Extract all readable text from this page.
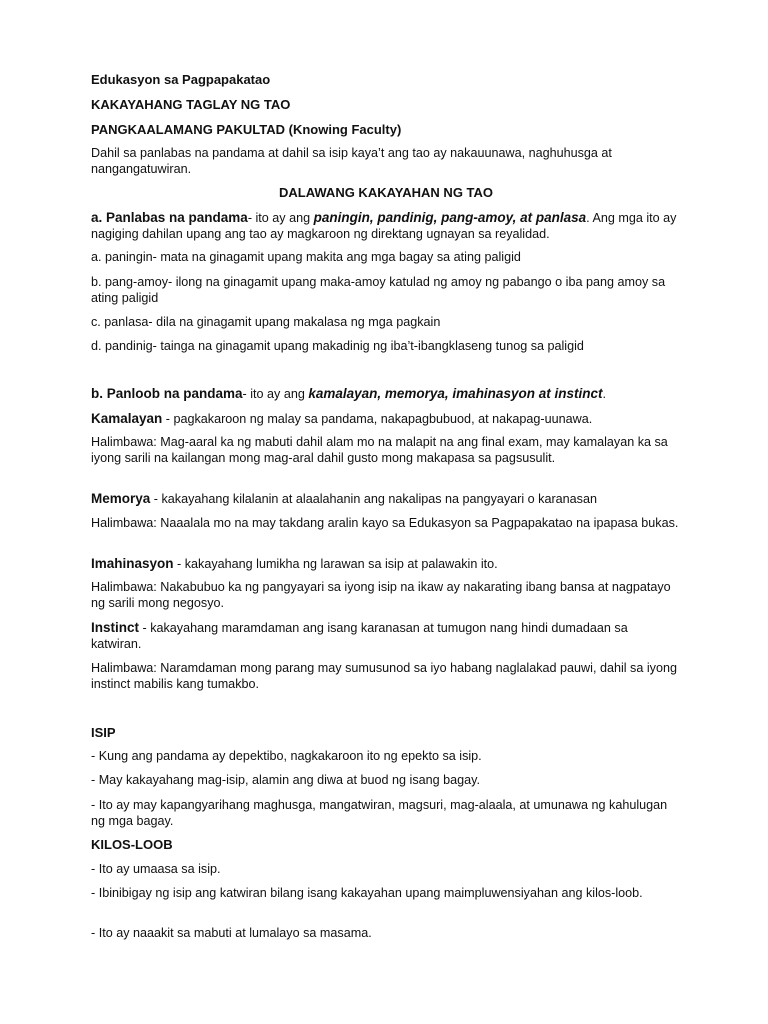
Edukasyon sa Pagpapakatao

KAKAYAHANG TAGLAY NG TAO

PANGKAALAMANG PAKULTAD (Knowing Faculty)

Dahil sa panlabas na pandama at dahil sa isip kaya’t ang tao ay nakauunawa, naghuhusga at nangangatuwiran.

DALAWANG KAKAYAHAN NG TAO

a. Panlabas na pandama- ito ay ang paningin, pandinig, pang-amoy, at panlasa. Ang mga ito ay nagiging dahilan upang ang tao ay magkaroon ng direktang ugnayan sa reyalidad.

a. paningin- mata na ginagamit upang makita ang mga bagay sa ating paligid

b. pang-amoy- ilong na ginagamit upang maka-amoy katulad ng amoy ng pabango o iba pang amoy sa ating paligid

c. panlasa- dila na ginagamit upang makalasa ng mga pagkain

d. pandinig- tainga na ginagamit upang makadinig ng iba’t-ibangklaseng tunog sa paligid

b. Panloob na pandama- ito ay ang kamalayan, memorya, imahinasyon at instinct.

Kamalayan - pagkakaroon ng malay sa pandama, nakapagbubuod, at nakapag-uunawa.

Halimbawa: Mag-aaral ka ng mabuti dahil alam mo na malapit na ang final exam, may kamalayan ka sa iyong sarili na kailangan mong mag-aral dahil gusto mong makapasa sa pagsusulit.

Memorya - kakayahang kilalanin at alaalahanin ang nakalipas na pangyayari o karanasan

Halimbawa: Naaalala mo na may takdang aralin kayo sa Edukasyon sa Pagpapakatao na ipapasa bukas.

Imahinasyon - kakayahang lumikha ng larawan sa isip at palawakin ito.

Halimbawa: Nakabubuo ka ng pangyayari sa iyong isip na ikaw ay nakarating ibang bansa at nagpatayo ng sarili mong negosyo.

Instinct - kakayahang maramdaman ang isang karanasan at tumugon nang hindi dumadaan sa katwiran.

Halimbawa: Naramdaman mong parang may sumusunod sa iyo habang naglalakad pauwi, dahil sa iyong instinct mabilis kang tumakbo.

ISIP

- Kung ang pandama ay depektibo, nagkakaroon ito ng epekto sa isip.

- May kakayahang mag-isip, alamin ang diwa at buod ng isang bagay.

- Ito ay may kapangyarihang maghusga, mangatwiran, magsuri, mag-alaala, at umunawa ng kahulugan ng mga bagay.

KILOS-LOOB

- Ito ay umaasa sa isip.

- Ibinibigay ng isip ang katwiran bilang isang kakayahan upang maimpluwensiyahan ang kilos-loob.

- Ito ay naaakit sa mabuti at lumalayo sa masama.
